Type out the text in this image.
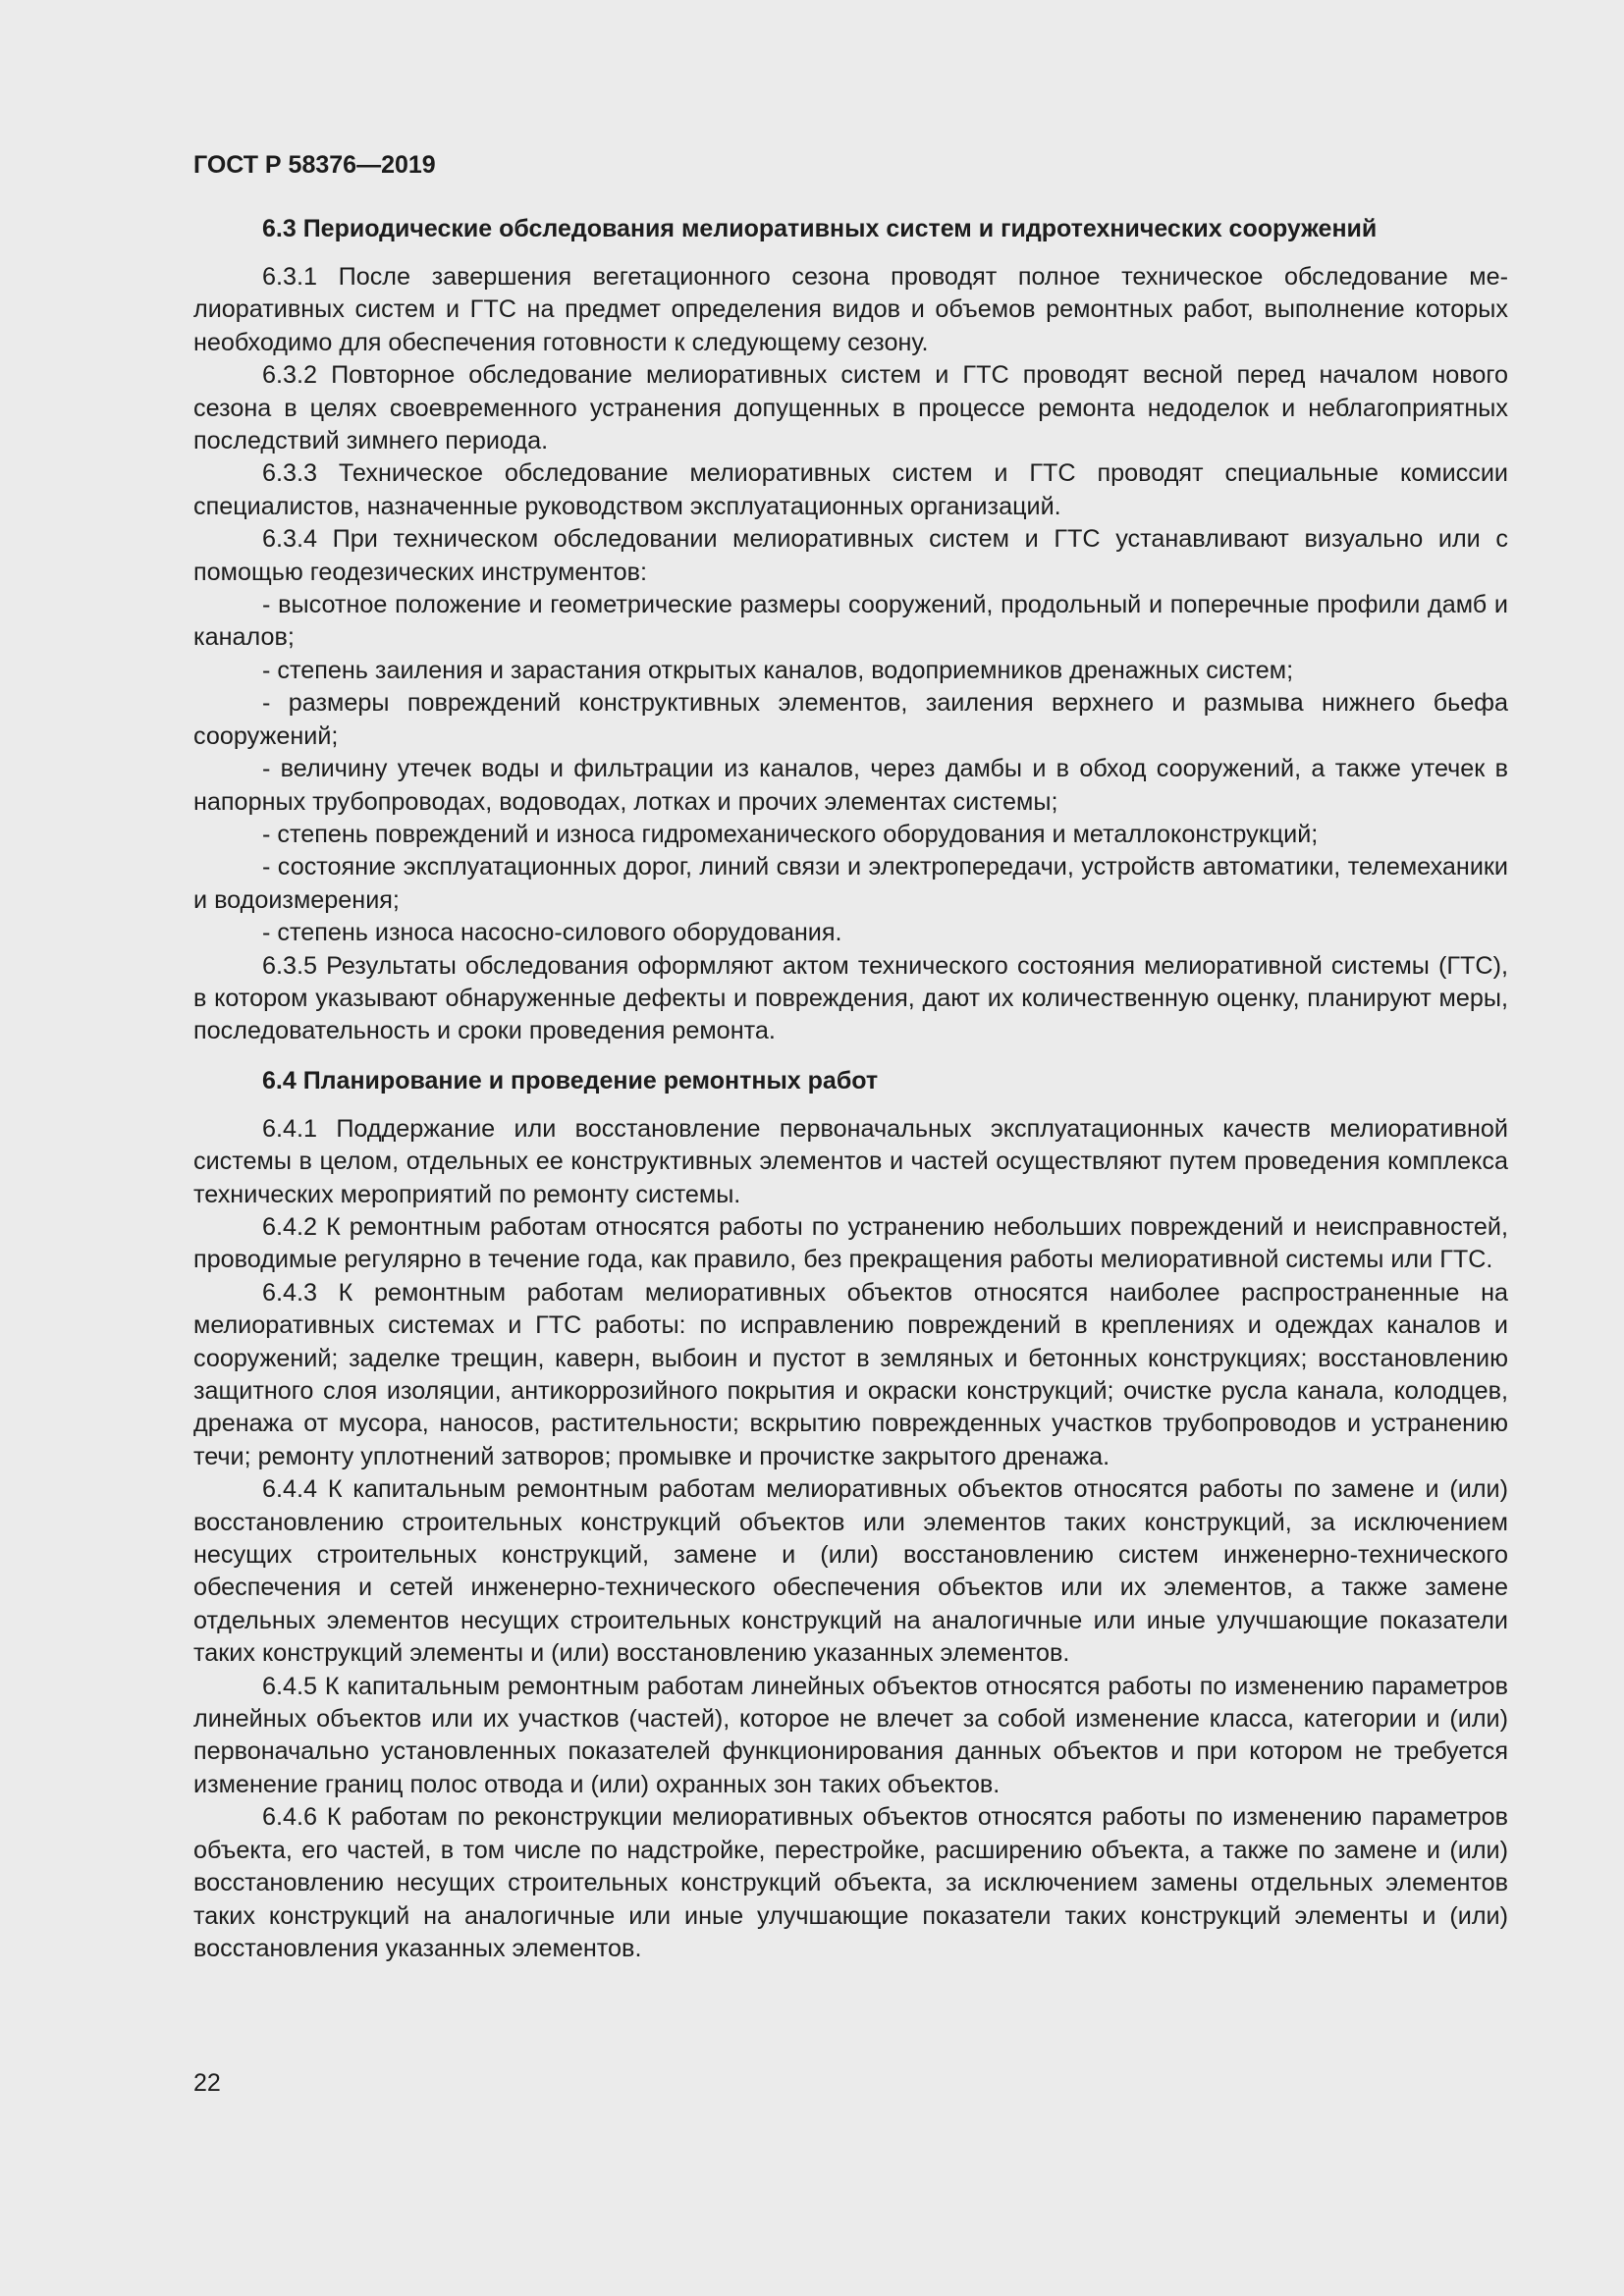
ГОСТ Р 58376—2019
6.3 Периодические обследования мелиоративных систем и гидротехнических сооружений

6.3.1 После завершения вегетационного сезона проводят полное техническое обследование мелиоративных систем и ГТС на предмет определения видов и объемов ремонтных работ, выполнение которых необходимо для обеспечения готовности к следующему сезону.

6.3.2 Повторное обследование мелиоративных систем и ГТС проводят весной перед началом нового сезона в целях своевременного устранения допущенных в процессе ремонта недоделок и неблагоприятных последствий зимнего периода.

6.3.3 Техническое обследование мелиоративных систем и ГТС проводят специальные комиссии специалистов, назначенные руководством эксплуатационных организаций.

6.3.4 При техническом обследовании мелиоративных систем и ГТС устанавливают визуально или с помощью геодезических инструментов:

- высотное положение и геометрические размеры сооружений, продольный и поперечные профили дамб и каналов;

- степень заиления и зарастания открытых каналов, водоприемников дренажных систем;

- размеры повреждений конструктивных элементов, заиления верхнего и размыва нижнего бьефа сооружений;

- величину утечек воды и фильтрации из каналов, через дамбы и в обход сооружений, а также утечек в напорных трубопроводах, водоводах, лотках и прочих элементах системы;

- степень повреждений и износа гидромеханического оборудования и металлоконструкций;

- состояние эксплуатационных дорог, линий связи и электропередачи, устройств автоматики, телемеханики и водоизмерения;

- степень износа насосно-силового оборудования.

6.3.5 Результаты обследования оформляют актом технического состояния мелиоративной системы (ГТС), в котором указывают обнаруженные дефекты и повреждения, дают их количественную оценку, планируют меры, последовательность и сроки проведения ремонта.

6.4 Планирование и проведение ремонтных работ

6.4.1 Поддержание или восстановление первоначальных эксплуатационных качеств мелиоративной системы в целом, отдельных ее конструктивных элементов и частей осуществляют путем проведения комплекса технических мероприятий по ремонту системы.

6.4.2 К ремонтным работам относятся работы по устранению небольших повреждений и неисправностей, проводимые регулярно в течение года, как правило, без прекращения работы мелиоративной системы или ГТС.

6.4.3 К ремонтным работам мелиоративных объектов относятся наиболее распространенные на мелиоративных системах и ГТС работы: по исправлению повреждений в креплениях и одеждах каналов и сооружений; заделке трещин, каверн, выбоин и пустот в земляных и бетонных конструкциях; восстановлению защитного слоя изоляции, антикоррозийного покрытия и окраски конструкций; очистке русла канала, колодцев, дренажа от мусора, наносов, растительности; вскрытию поврежденных участков трубопроводов и устранению течи; ремонту уплотнений затворов; промывке и прочистке закрытого дренажа.

6.4.4 К капитальным ремонтным работам мелиоративных объектов относятся работы по замене и (или) восстановлению строительных конструкций объектов или элементов таких конструкций, за исключением несущих строительных конструкций, замене и (или) восстановлению систем инженерно-технического обеспечения и сетей инженерно-технического обеспечения объектов или их элементов, а также замене отдельных элементов несущих строительных конструкций на аналогичные или иные улучшающие показатели таких конструкций элементы и (или) восстановлению указанных элементов.

6.4.5 К капитальным ремонтным работам линейных объектов относятся работы по изменению параметров линейных объектов или их участков (частей), которое не влечет за собой изменение класса, категории и (или) первоначально установленных показателей функционирования данных объектов и при котором не требуется изменение границ полос отвода и (или) охранных зон таких объектов.

6.4.6 К работам по реконструкции мелиоративных объектов относятся работы по изменению параметров объекта, его частей, в том числе по надстройке, перестройке, расширению объекта, а также по замене и (или) восстановлению несущих строительных конструкций объекта, за исключением замены отдельных элементов таких конструкций на аналогичные или иные улучшающие показатели таких конструкций элементы и (или) восстановления указанных элементов.

22
